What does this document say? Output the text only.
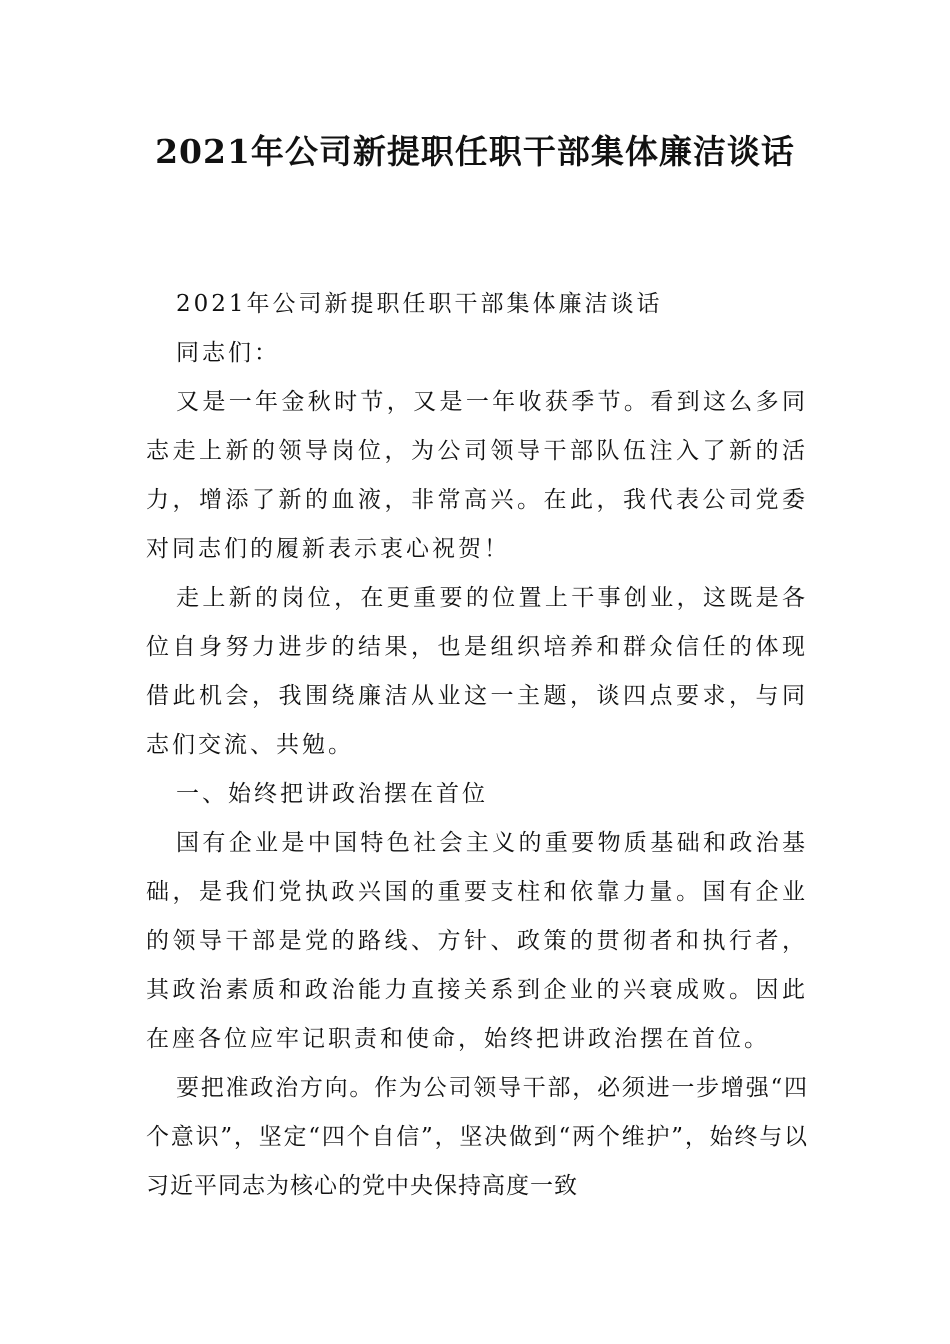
2021年公司新提职任职干部集体廉洁谈话

2021年公司新提职任职干部集体廉洁谈话

同志们：

又是一年金秋时节，又是一年收获季节。看到这么多同志走上新的领导岗位，为公司领导干部队伍注入了新的活力，增添了新的血液，非常高兴。在此，我代表公司党委对同志们的履新表示衷心祝贺！

走上新的岗位，在更重要的位置上干事创业，这既是各位自身努力进步的结果，也是组织培养和群众信任的体现借此机会，我围绕廉洁从业这一主题，谈四点要求，与同志们交流、共勉。

一、始终把讲政治摆在首位

国有企业是中国特色社会主义的重要物质基础和政治基础，是我们党执政兴国的重要支柱和依靠力量。国有企业的领导干部是党的路线、方针、政策的贯彻者和执行者，其政治素质和政治能力直接关系到企业的兴衰成败。因此在座各位应牢记职责和使命，始终把讲政治摆在首位。

要把准政治方向。作为公司领导干部，必须进一步增强“四个意识”，坚定“四个自信”，坚决做到“两个维护”，始终与以习近平同志为核心的党中央保持高度一致
